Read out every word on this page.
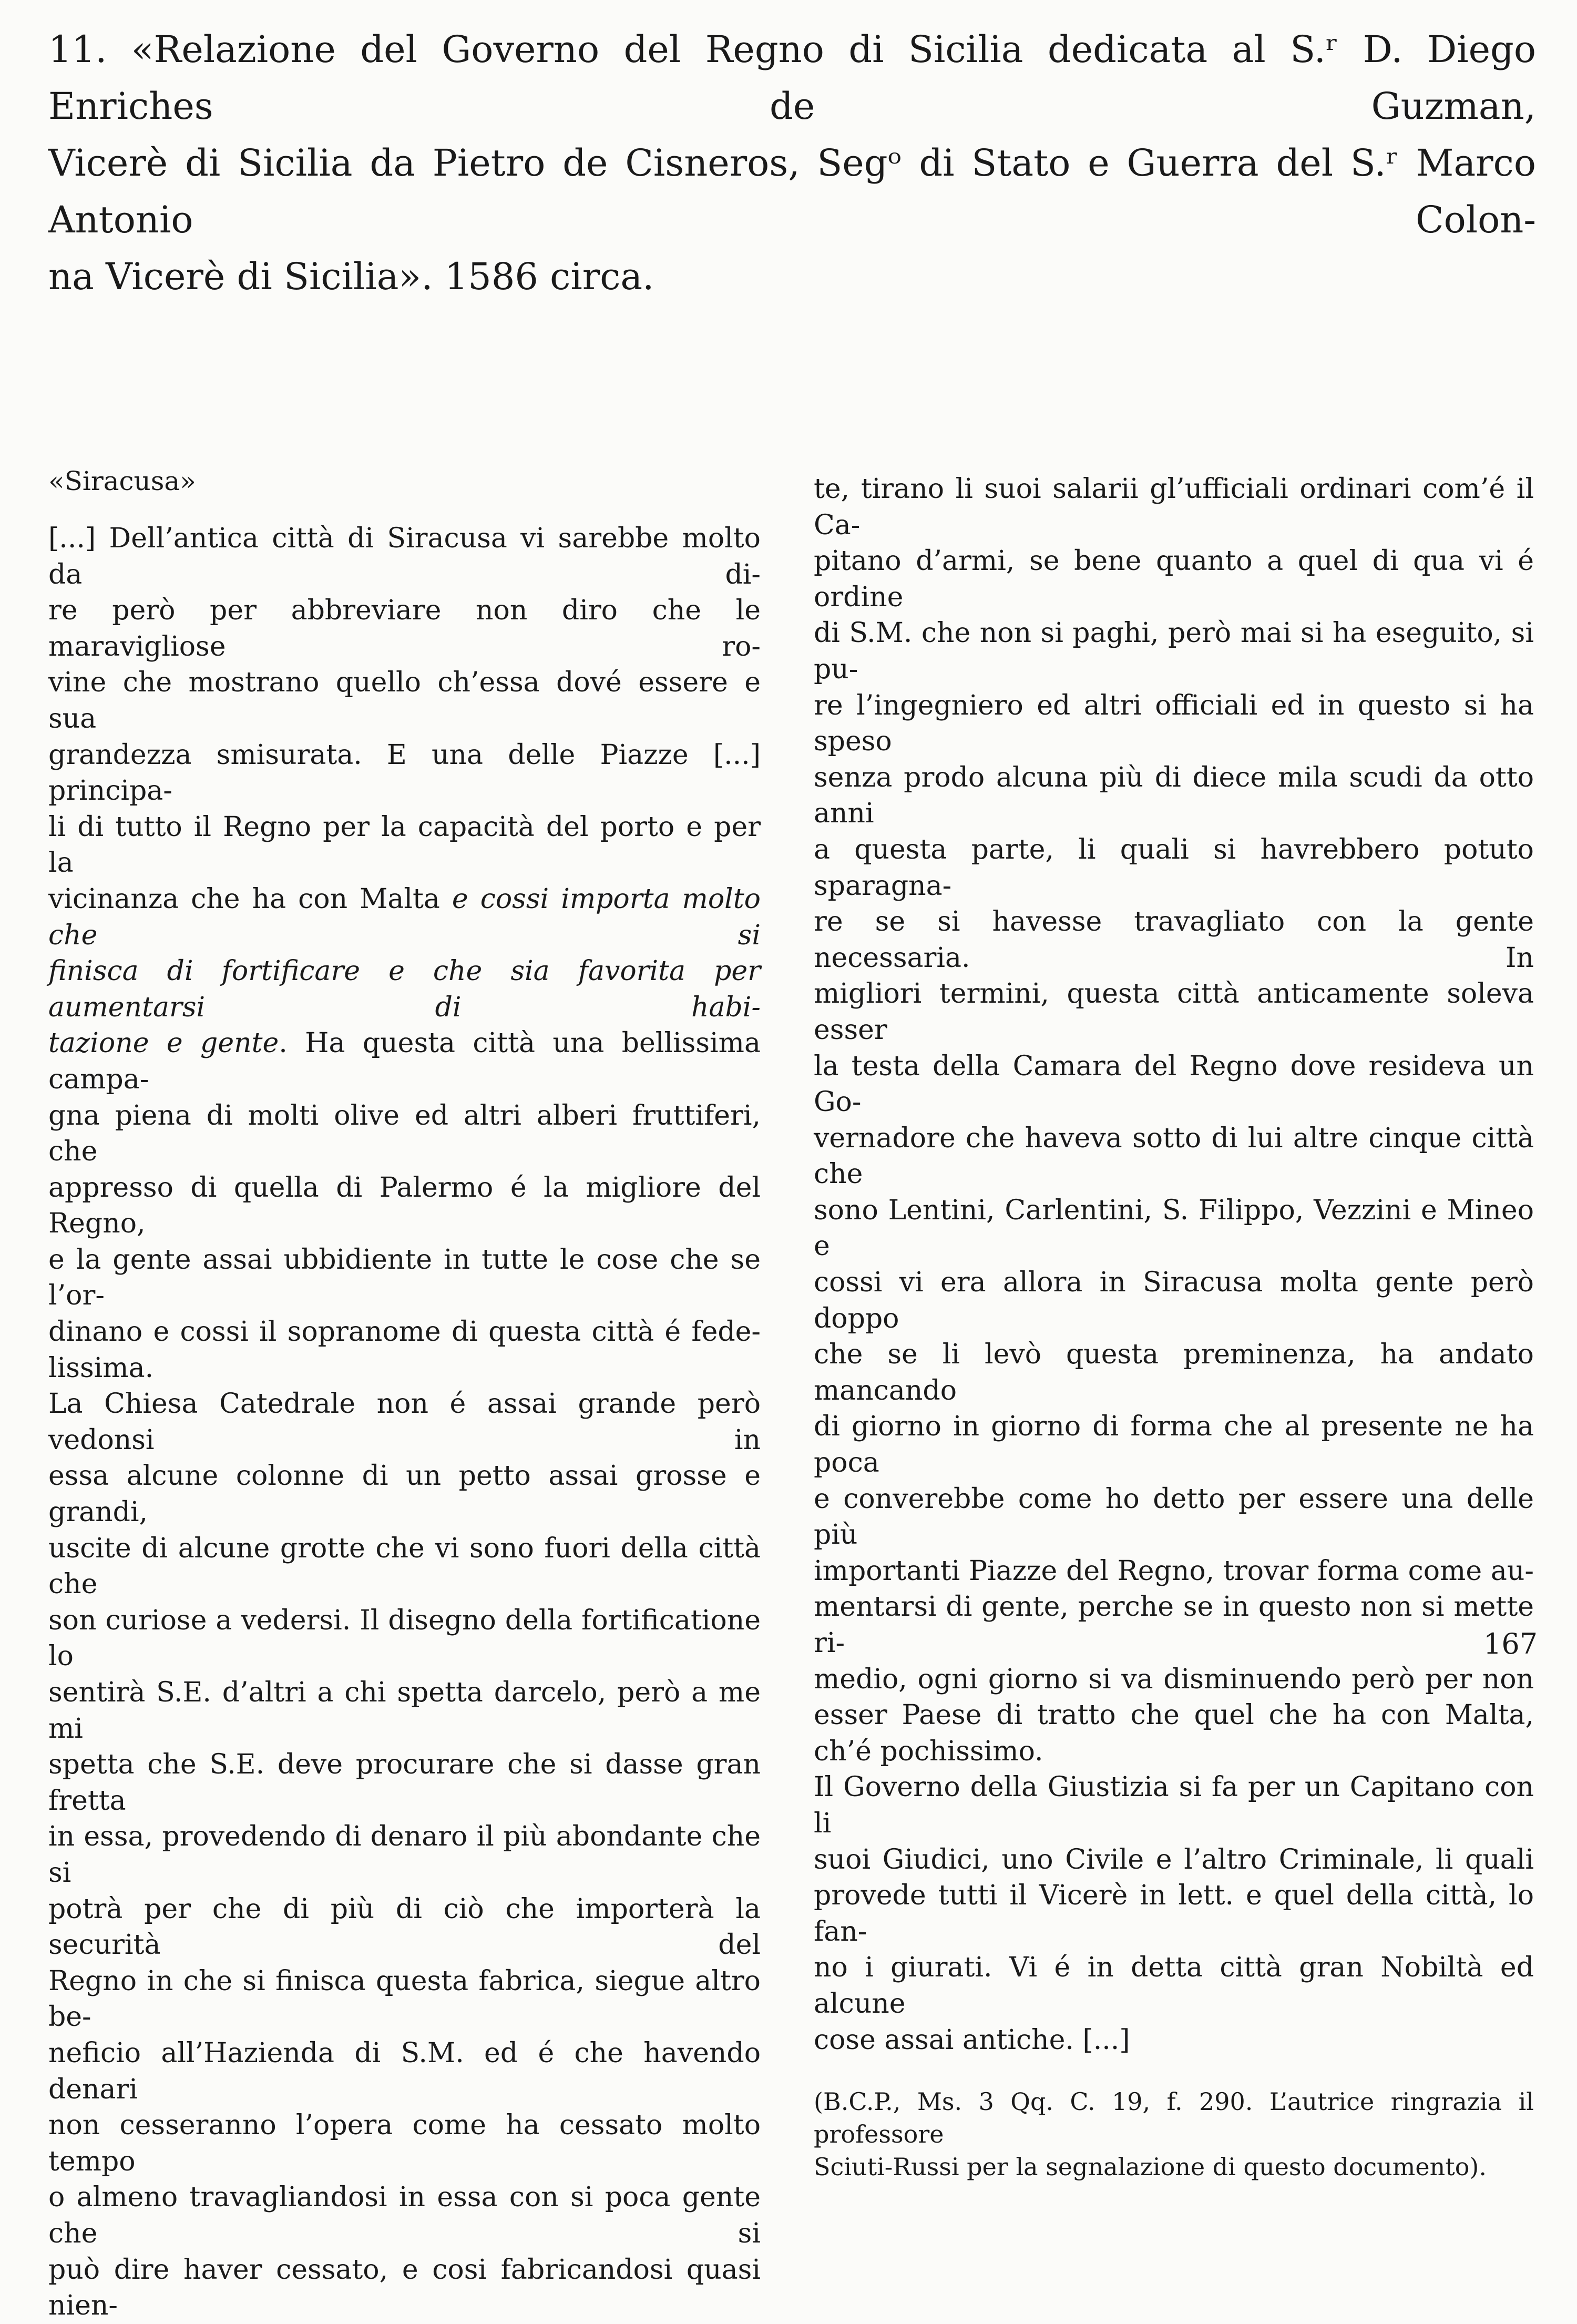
11. «Relazione del Governo del Regno di Sicilia dedicata al S.ʳ D. Diego Enriches de Guzman,
Vicerè di Sicilia da Pietro de Cisneros, Segᵒ di Stato e Guerra del S.ʳ Marco Antonio Colon-
na Vicerè di Sicilia». 1586 circa.

«Siracusa»

[...] Dell’antica città di Siracusa vi sarebbe molto da di-
re però per abbreviare non diro che le maravigliose ro-
vine che mostrano quello ch’essa dové essere e sua
grandezza smisurata. E una delle Piazze [...] principa-
li di tutto il Regno per la capacità del porto e per la
vicinanza che ha con Malta e cossi importa molto che si
finisca di fortificare e che sia favorita per aumentarsi di habi-
tazione e gente. Ha questa città una bellissima campa-
gna piena di molti olive ed altri alberi fruttiferi, che
appresso di quella di Palermo é la migliore del Regno,
e la gente assai ubbidiente in tutte le cose che se l’or-
dinano e cossi il sopranome di questa città é fede-
lissima.

La Chiesa Catedrale non é assai grande però vedonsi in
essa alcune colonne di un petto assai grosse e grandi,
uscite di alcune grotte che vi sono fuori della città che
son curiose a vedersi. Il disegno della fortificatione lo
sentirà S.E. d’altri a chi spetta darcelo, però a me mi
spetta che S.E. deve procurare che si dasse gran fretta
in essa, provedendo di denaro il più abondante che si
potrà per che di più di ciò che importerà la securità del
Regno in che si finisca questa fabrica, siegue altro be-
neficio all’Hazienda di S.M. ed é che havendo denari
non cesseranno l’opera come ha cessato molto tempo
o almeno travagliandosi in essa con si poca gente che si
può dire haver cessato, e cosi fabricandosi quasi nien-

te, tirano li suoi salarii gl’ufficiali ordinari com’é il Ca-
pitano d’armi, se bene quanto a quel di qua vi é ordine
di S.M. che non si paghi, però mai si ha eseguito, si pu-
re l’ingegniero ed altri officiali ed in questo si ha speso
senza prodo alcuna più di diece mila scudi da otto anni
a questa parte, li quali si havrebbero potuto sparagna-
re se si havesse travagliato con la gente necessaria. In
migliori termini, questa città anticamente soleva esser
la testa della Camara del Regno dove resideva un Go-
vernadore che haveva sotto di lui altre cinque città che
sono Lentini, Carlentini, S. Filippo, Vezzini e Mineo e
cossi vi era allora in Siracusa molta gente però doppo
che se li levò questa preminenza, ha andato mancando
di giorno in giorno di forma che al presente ne ha poca
e converebbe come ho detto per essere una delle più
importanti Piazze del Regno, trovar forma come au-
mentarsi di gente, perche se in questo non si mette ri-
medio, ogni giorno si va disminuendo però per non
esser Paese di tratto che quel che ha con Malta,
ch’é pochissimo.

Il Governo della Giustizia si fa per un Capitano con li
suoi Giudici, uno Civile e l’altro Criminale, li quali
provede tutti il Vicerè in lett. e quel della città, lo fan-
no i giurati. Vi é in detta città gran Nobiltà ed alcune
cose assai antiche. [...]

(B.C.P., Ms. 3 Qq. C. 19, f. 290. L’autrice ringrazia il professore
Sciuti-Russi per la segnalazione di questo documento).

167
